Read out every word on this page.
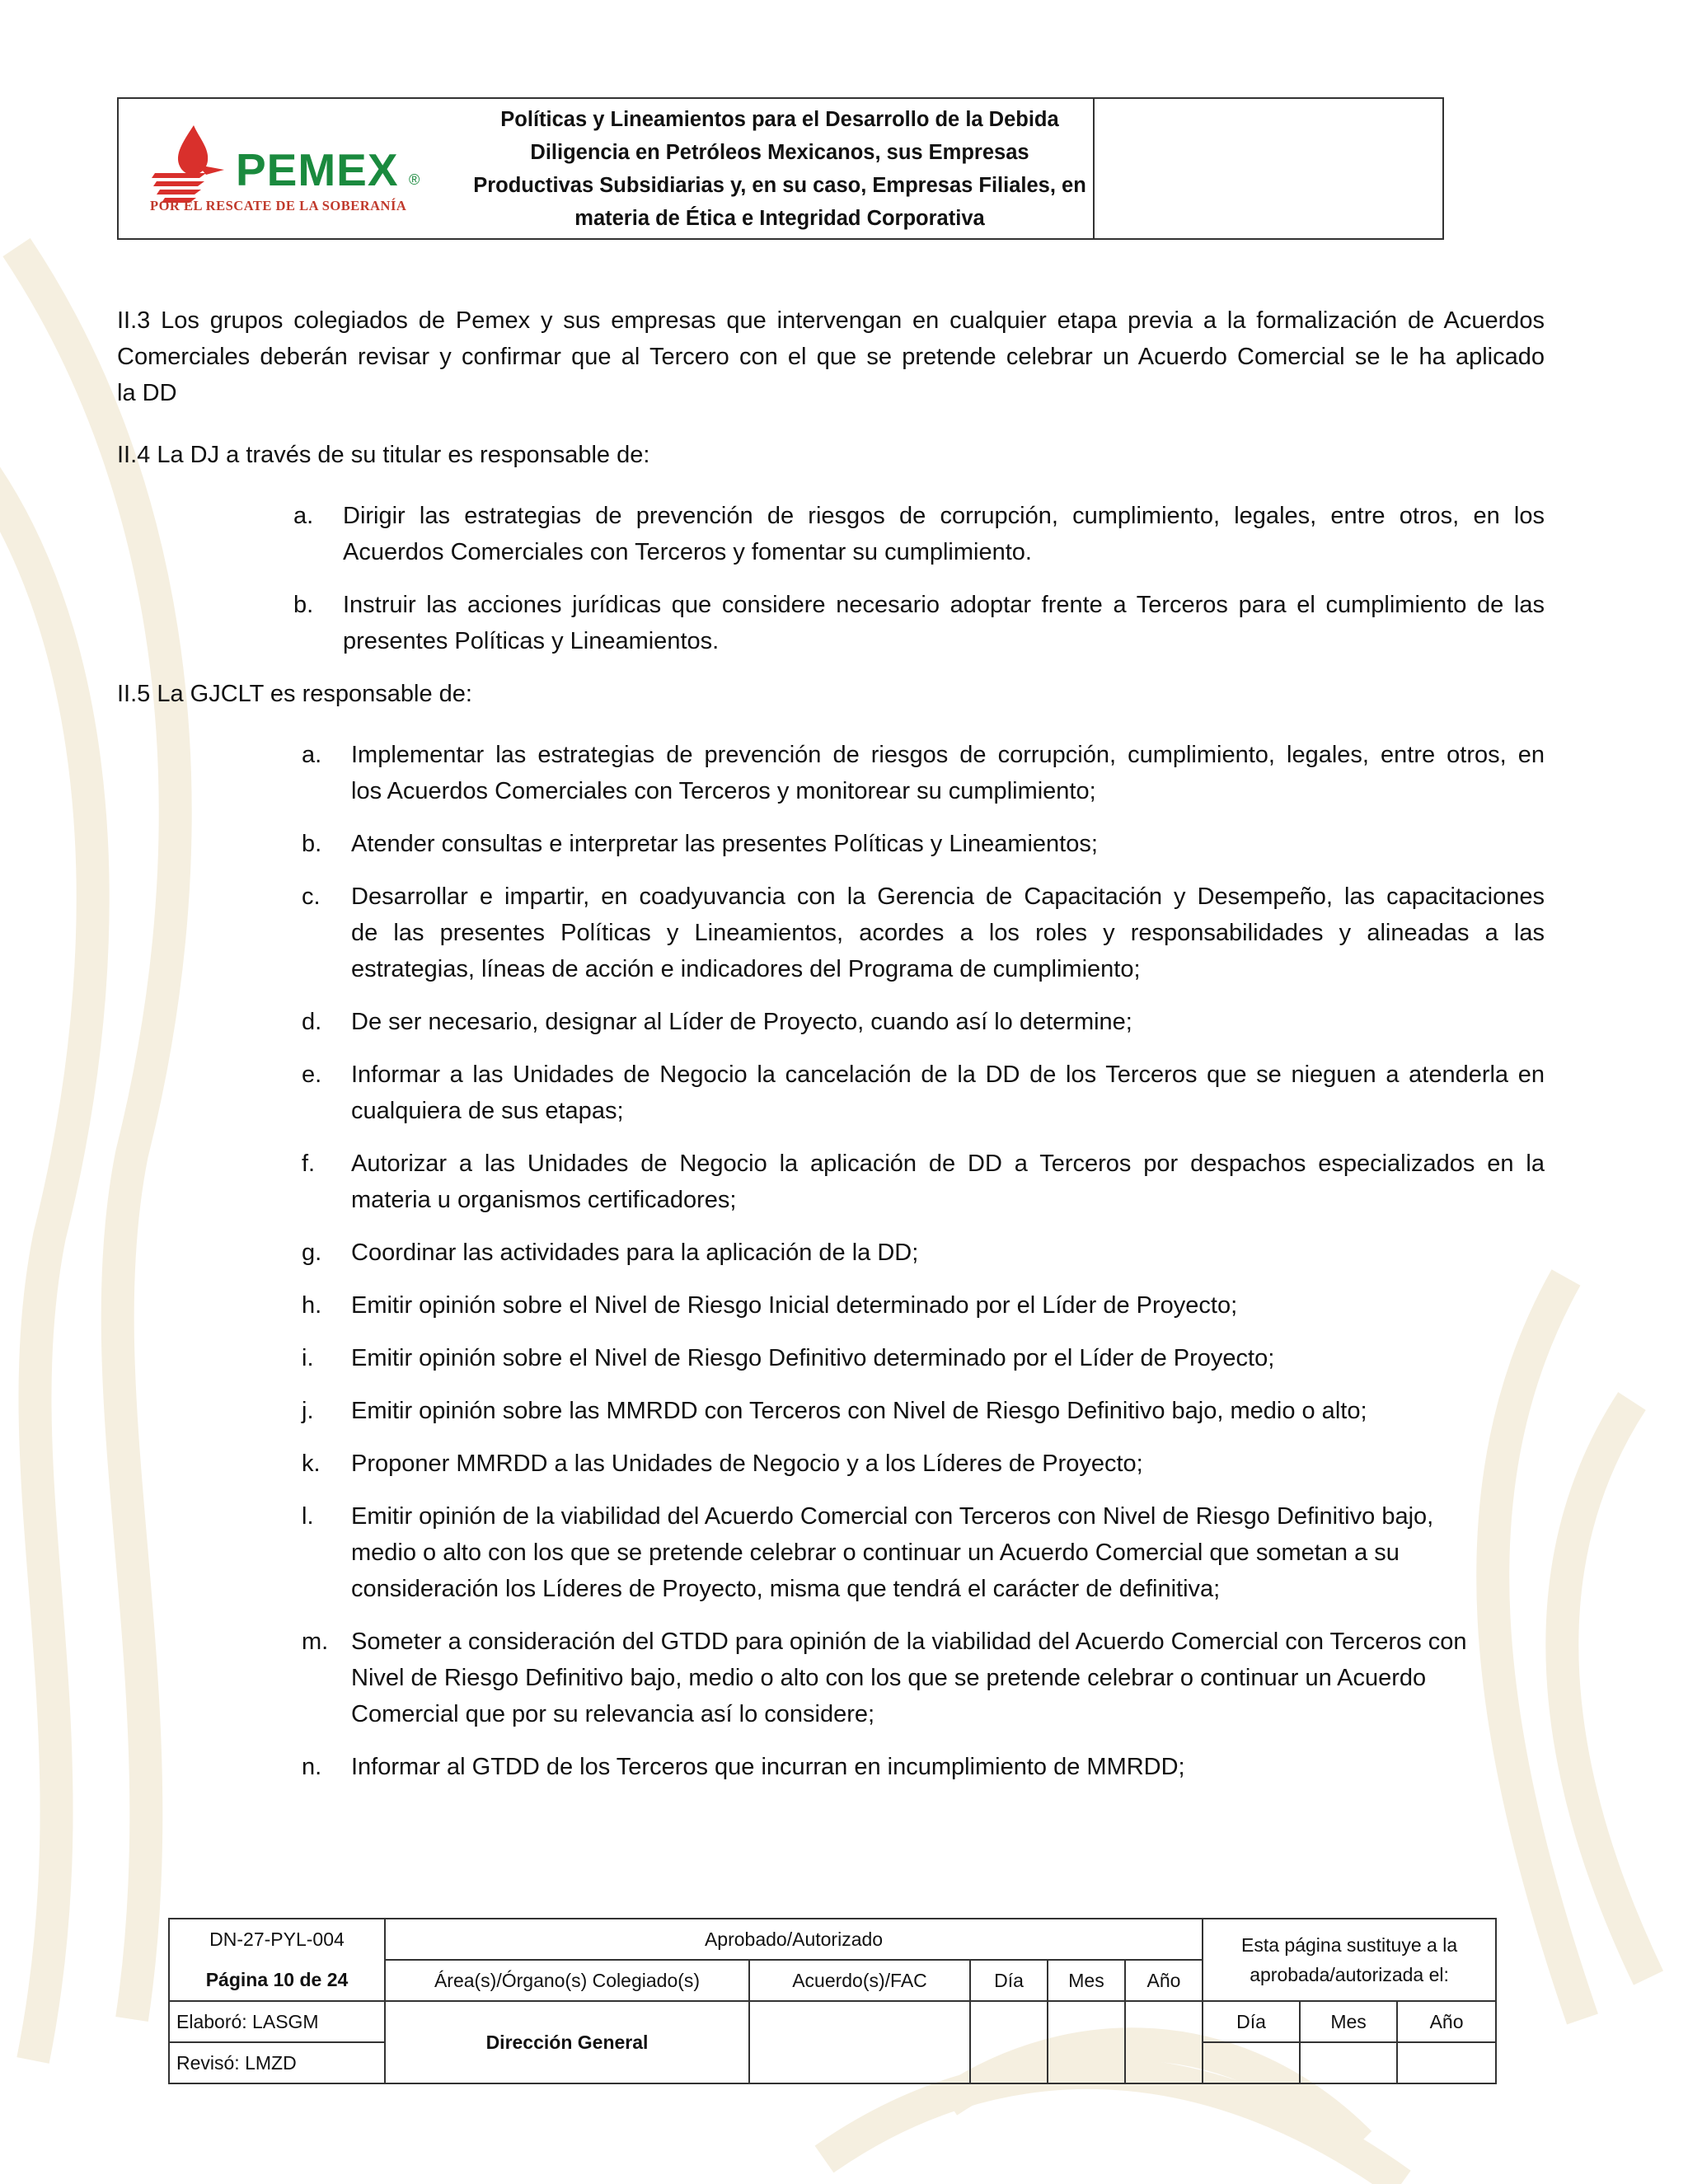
PEMEX ®
POR EL RESCATE DE LA SOBERANÍA
Políticas y Lineamientos para el Desarrollo de la Debida
Diligencia en Petróleos Mexicanos, sus Empresas
Productivas Subsidiarias y, en su caso, Empresas Filiales, en
materia de Ética e Integridad Corporativa
II.3 Los grupos colegiados de Pemex y sus empresas que intervengan en cualquier etapa previa a la formalización de Acuerdos
Comerciales deberán revisar y confirmar que al Tercero con el que se pretende celebrar un Acuerdo Comercial se le ha aplicado
la DD
II.4 La DJ a través de su titular es responsable de:
a. Dirigir las estrategias de prevención de riesgos de corrupción, cumplimiento, legales, entre otros, en los
Acuerdos Comerciales con Terceros y fomentar su cumplimiento.
b. Instruir las acciones jurídicas que considere necesario adoptar frente a Terceros para el cumplimiento de las
presentes Políticas y Lineamientos.
II.5 La GJCLT es responsable de:
a. Implementar las estrategias de prevención de riesgos de corrupción, cumplimiento, legales, entre otros, en
los Acuerdos Comerciales con Terceros y monitorear su cumplimiento;
b. Atender consultas e interpretar las presentes Políticas y Lineamientos;
c. Desarrollar e impartir, en coadyuvancia con la Gerencia de Capacitación y Desempeño, las capacitaciones
de las presentes Políticas y Lineamientos, acordes a los roles y responsabilidades y alineadas a las
estrategias, líneas de acción e indicadores del Programa de cumplimiento;
d. De ser necesario, designar al Líder de Proyecto, cuando así lo determine;
e. Informar a las Unidades de Negocio la cancelación de la DD de los Terceros que se nieguen a atenderla en
cualquiera de sus etapas;
f. Autorizar a las Unidades de Negocio la aplicación de DD a Terceros por despachos especializados en la
materia u organismos certificadores;
g. Coordinar las actividades para la aplicación de la DD;
h. Emitir opinión sobre el Nivel de Riesgo Inicial determinado por el Líder de Proyecto;
i. Emitir opinión sobre el Nivel de Riesgo Definitivo determinado por el Líder de Proyecto;
j. Emitir opinión sobre las MMRDD con Terceros con Nivel de Riesgo Definitivo bajo, medio o alto;
k. Proponer MMRDD a las Unidades de Negocio y a los Líderes de Proyecto;
l. Emitir opinión de la viabilidad del Acuerdo Comercial con Terceros con Nivel de Riesgo Definitivo bajo,
medio o alto con los que se pretende celebrar o continuar un Acuerdo Comercial que sometan a su
consideración los Líderes de Proyecto, misma que tendrá el carácter de definitiva;
m. Someter a consideración del GTDD para opinión de la viabilidad del Acuerdo Comercial con Terceros con
Nivel de Riesgo Definitivo bajo, medio o alto con los que se pretende celebrar o continuar un Acuerdo
Comercial que por su relevancia así lo considere;
n. Informar al GTDD de los Terceros que incurran en incumplimiento de MMRDD;
DN-27-PYL-004	Aprobado/Autorizado					Esta página sustituye a la
aprobada/autorizada el:		

Página 10 de 24	Área(s)/Órgano(s) Colegiado(s)	Acuerdo(s)/FAC	Día	Mes	Año			
Elaboró: LASGM	Dirección General					Día	Mes	Año
Revisó: LMZD								
